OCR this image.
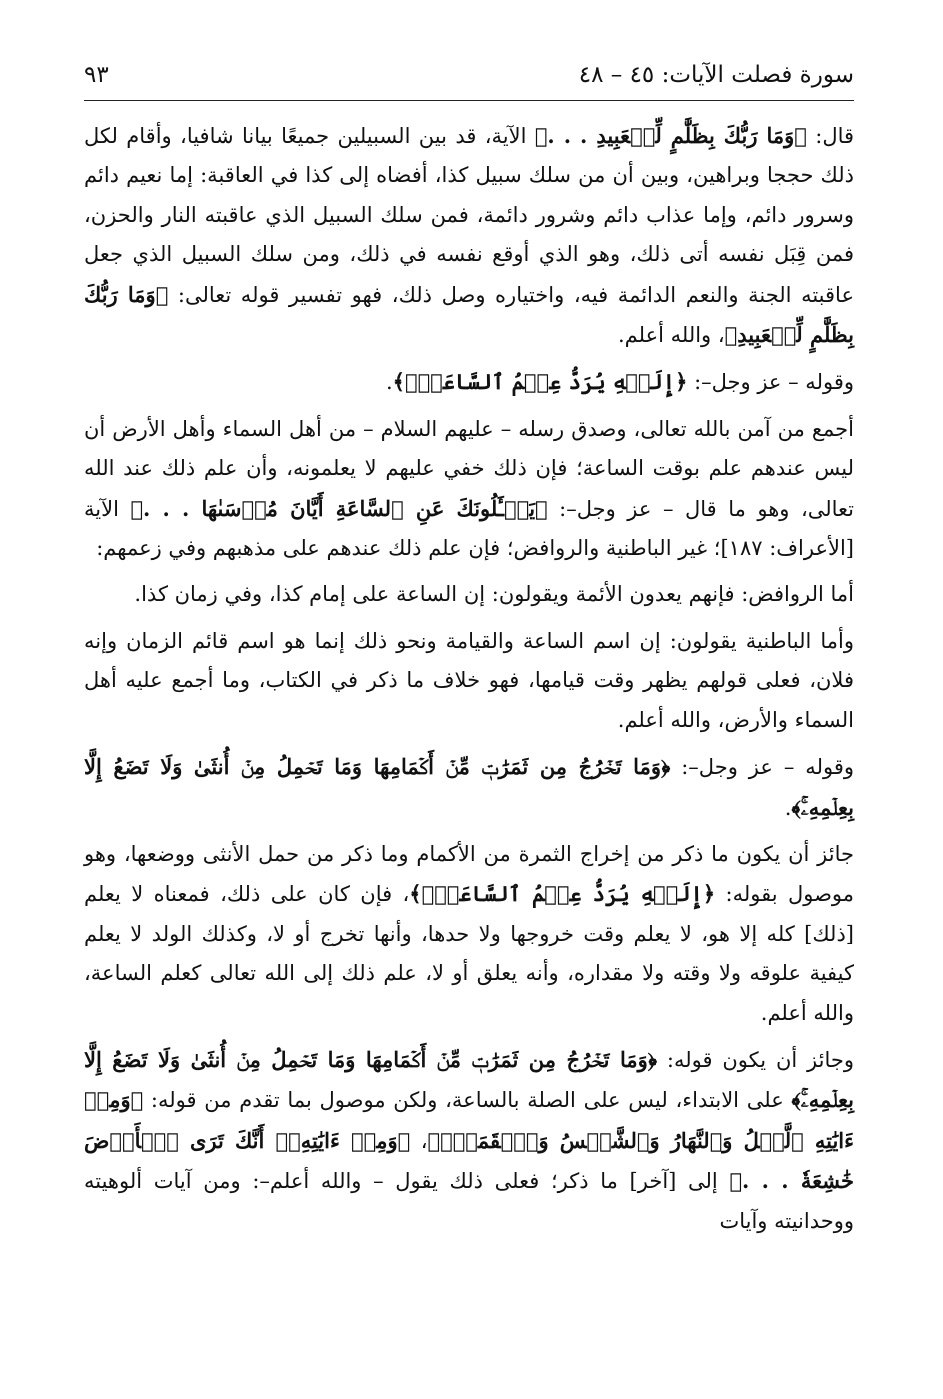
سورة فصلت الآيات: ٤٥ – ٤٨
٩٣

قال: ﴿وَمَا رَبُّكَ بِظَلَّٰمٍ لِّلۡعَبِيدِ . . .﴾ الآية، قد بين السبيلين جميعًا بيانا شافيا، وأقام لكل ذلك حججا وبراهين، وبين أن من سلك سبيل كذا، أفضاه إلى كذا في العاقبة: إما نعيم دائم وسرور دائم، وإما عذاب دائم وشرور دائمة، فمن سلك السبيل الذي عاقبته النار والحزن، فمن قِبَل نفسه أتى ذلك، وهو الذي أوقع نفسه في ذلك، ومن سلك السبيل الذي جعل عاقبته الجنة والنعم الدائمة فيه، واختياره وصل ذلك، فهو تفسير قوله تعالى: ﴿وَمَا رَبُّكَ بِظَلَّٰمٍ لِّلۡعَبِيدِ﴾، والله أعلم.

وقوله – عز وجل–: ﴿إِلَيۡهِ يُرَدُّ عِلۡمُ ٱلسَّاعَةِۚ﴾.

أجمع من آمن بالله تعالى، وصدق رسله – عليهم السلام – من أهل السماء وأهل الأرض أن ليس عندهم علم بوقت الساعة؛ فإن ذلك خفي عليهم لا يعلمونه، وأن علم ذلك عند الله تعالى، وهو ما قال – عز وجل–: ﴿يَسۡـَٔلُونَكَ عَنِ ٱلسَّاعَةِ أَيَّانَ مُرۡسَىٰهَا . . .﴾ الآية [الأعراف: ١٨٧]؛ غير الباطنية والروافض؛ فإن علم ذلك عندهم على مذهبهم وفي زعمهم:

أما الروافض: فإنهم يعدون الأئمة ويقولون: إن الساعة على إمام كذا، وفي زمان كذا.

وأما الباطنية يقولون: إن اسم الساعة والقيامة ونحو ذلك إنما هو اسم قائم الزمان وإنه فلان، فعلى قولهم يظهر وقت قيامها، فهو خلاف ما ذكر في الكتاب، وما أجمع عليه أهل السماء والأرض، والله أعلم.

وقوله – عز وجل–: ﴿وَمَا تَخۡرُجُ مِن ثَمَرَٰتٖ مِّنۡ أَكۡمَامِهَا وَمَا تَحۡمِلُ مِنۡ أُنثَىٰ وَلَا تَضَعُ إِلَّا بِعِلۡمِهِۦۚ﴾.

جائز أن يكون ما ذكر من إخراج الثمرة من الأكمام وما ذكر من حمل الأنثى ووضعها، وهو موصول بقوله: ﴿إِلَيۡهِ يُرَدُّ عِلۡمُ ٱلسَّاعَةِۚ﴾، فإن كان على ذلك، فمعناه لا يعلم [ذلك] كله إلا هو، لا يعلم وقت خروجها ولا حدها، وأنها تخرج أو لا، وكذلك الولد لا يعلم كيفية علوقه ولا وقته ولا مقداره، وأنه يعلق أو لا، علم ذلك إلى الله تعالى كعلم الساعة، والله أعلم.

وجائز أن يكون قوله: ﴿وَمَا تَخۡرُجُ مِن ثَمَرَٰتٖ مِّنۡ أَكۡمَامِهَا وَمَا تَحۡمِلُ مِنۡ أُنثَىٰ وَلَا تَضَعُ إِلَّا بِعِلۡمِهِۦۚ﴾ على الابتداء، ليس على الصلة بالساعة، ولكن موصول بما تقدم من قوله: ﴿وَمِنۡ ءَايَٰتِهِ ٱلَّيۡلُ وَٱلنَّهَارُ وَٱلشَّمۡسُ وَٱلۡقَمَرُۚ﴾، ﴿وَمِنۡ ءَايَٰتِهِۦٓ أَنَّكَ تَرَى ٱلۡأَرۡضَ خَٰشِعَةٗ . . .﴾ إلى [آخر] ما ذكر؛ فعلى ذلك يقول – والله أعلم–: ومن آيات ألوهيته ووحدانيته وآيات
